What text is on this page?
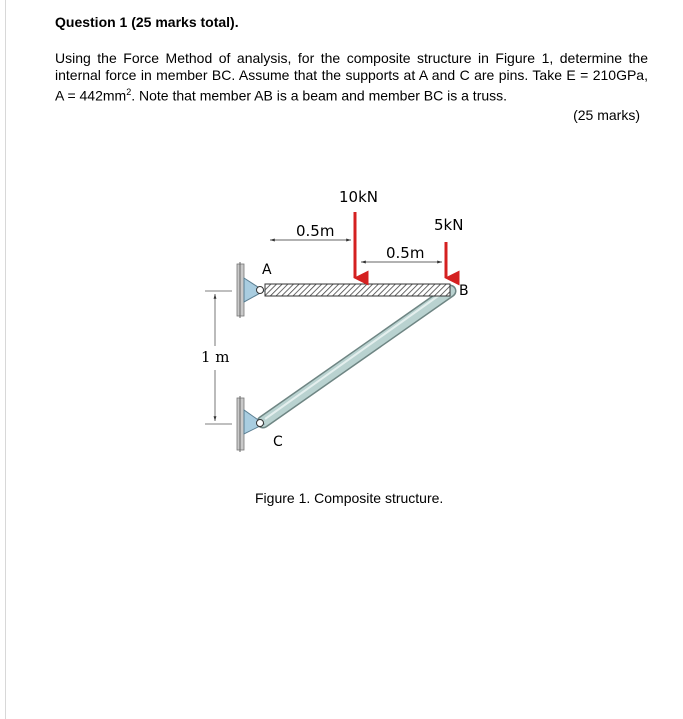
Question 1 (25 marks total).

Using the Force Method of analysis, for the composite structure in Figure 1, determine the
internal force in member BC. Assume that the supports at A and C are pins. Take E = 210GPa,
$A = 442mm^2$. Note that member AB is a beam and member BC is a truss.

(25 marks)
10kN
5kN
0.5m
0.5m
A
B
C
1 m
Figure 1. Composite structure.
